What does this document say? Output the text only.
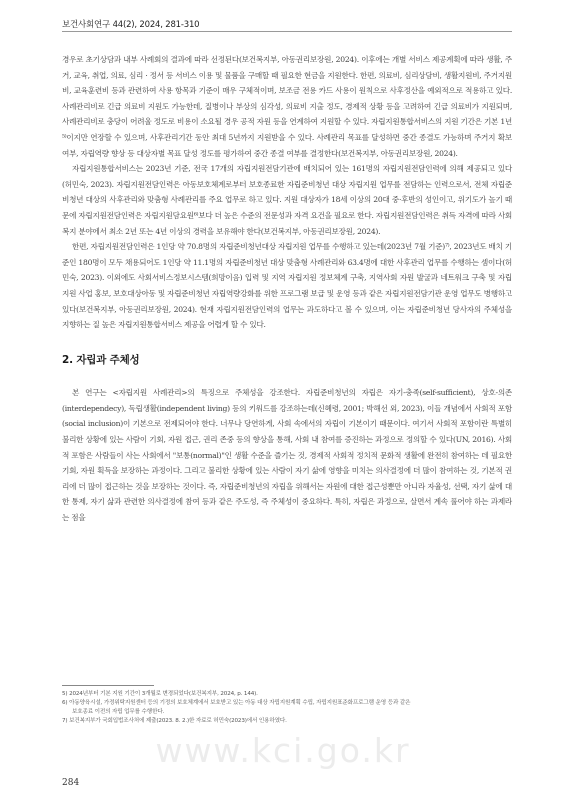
보건사회연구 44(2), 2024, 281-310

경우로 초기상담과 내부 사례회의 결과에 따라 선정된다(보건복지부, 아동권리보장원, 2024). 이후에는 개별 서비스 제공계획에 따라 생활, 주거, 교육, 취업, 의료, 심리 · 정서 등 서비스 이용 및 물품을 구매할 때 필요한 현금을 지원한다. 한편, 의료비, 심리상담비, 생활지원비, 주거지원비, 교육훈련비 등과 관련하여 사용 항목과 기준이 매우 구체적이며, 보조금 전용 카드 사용이 원칙으로 사후정산을 예외적으로 적용하고 있다. 사례관리비로 긴급 의료비 지원도 가능한데, 질병이나 부상의 심각성, 의료비 지출 정도, 경제적 상황 등을 고려하여 긴급 의료비가 지원되며, 사례관리비로 충당이 어려울 정도로 비용이 소요될 경우 공적 자원 등을 연계하여 지원할 수 있다. 자립지원통합서비스의 지원 기간은 기본 1년⁵⁾이지만 연장할 수 있으며, 사후관리기간 동안 최대 5년까지 지원받을 수 있다. 사례관리 목표를 달성하면 중간 종결도 가능하며 주거지 확보 여부, 자립역량 향상 등 대상자별 목표 달성 정도를 평가하여 중간 종결 여부를 결정한다(보건복지부, 아동권리보장원, 2024).

자립지원통합서비스는 2023년 기준, 전국 17개의 자립지원전담기관에 배치되어 있는 161명의 자립지원전담인력에 의해 제공되고 있다(허민숙, 2023). 자립지원전담인력은 아동보호체계로부터 보호종료한 자립준비청년 대상 자립지원 업무를 전담하는 인력으로서, 전체 자립준비청년 대상의 사후관리와 맞춤형 사례관리를 주요 업무로 하고 있다. 지원 대상자가 18세 이상의 20대 중·후반의 성인이고, 위기도가 높기 때문에 자립지원전담인력은 자립지원담요원⁶⁾보다 더 높은 수준의 전문성과 자격 요건을 필요로 한다. 자립지원전담인력은 취득 자격에 따라 사회복지 분야에서 최소 2년 또는 4년 이상의 경력을 보유해야 한다(보건복지부, 아동권리보장원, 2024).

한편, 자립지원전담인력은 1인당 약 70.8명의 자립준비청년대상 자립지원 업무를 수행하고 있는데(2023년 7월 기준)⁷⁾, 2023년도 배치 기준인 180명이 모두 채용되어도 1인당 약 11.1명의 자립준비청년 대상 맞춤형 사례관리와 63.4명에 대한 사후관리 업무를 수행하는 셈이다(허민숙, 2023). 이외에도 사회서비스정보시스템(희망이음) 입력 및 지역 자립지원 정보체계 구축, 지역사회 자원 발굴과 네트워크 구축 및 자립지원 사업 홍보, 보호대상아동 및 자립준비청년 자립역량강화를 위한 프로그램 보급 및 운영 등과 같은 자립지원전담기관 운영 업무도 병행하고 있다(보건복지부, 아동권리보장원, 2024). 현재 자립지원전담인력의 업무는 과도하다고 볼 수 있으며, 이는 자립준비청년 당사자의 주체성을 지향하는 질 높은 자립지원통합서비스 제공을 어렵게 할 수 있다.

2. 자립과 주체성

본 연구는 <자립지원 사례관리>의 특징으로 주체성을 강조한다. 자립준비청년의 자립은 자기-충족(self-sufficient), 상호-의존(interdependecy), 독립생활(independent living) 등의 키워드를 강조하는데(신혜령, 2001; 박해선 외, 2023), 이들 개념에서 사회적 포함(social inclusion)이 기본으로 전제되어야 한다. 너무나 당연하게, 사회 속에서의 자립이 기본이기 때문이다. 여기서 사회적 포함이란 특별히 불리한 상황에 있는 사람이 기회, 자원 접근, 권리 존중 등의 향상을 통해, 사회 내 참여를 증진하는 과정으로 정의할 수 있다(UN, 2016). 사회적 포함은 사람들이 사는 사회에서 "보통(normal)"인 생활 수준을 즐기는 것, 경제적 사회적 정치적 문화적 생활에 완전히 참여하는 데 필요한 기회, 자원 획득을 보장하는 과정이다. 그리고 불리한 상황에 있는 사람이 자기 삶에 영향을 미치는 의사결정에 더 많이 참여하는 것, 기본적 권리에 더 많이 접근하는 것을 보장하는 것이다. 즉, 자립준비청년의 자립을 위해서는 자원에 대한 접근성뿐만 아니라 자율성, 선택, 자기 삶에 대한 통제, 자기 삶과 관련한 의사결정에 참여 등과 같은 주도성, 즉 주체성이 중요하다. 특히, 자립은 과정으로, 살면서 계속 풀어야 하는 과제라는 점을

5) 2024년부터 기본 지원 기간이 3개월로 변경되었다(보건복지부, 2024, p. 144).
6) 아동양육시설, 가정위탁지원센터 등의 기정의 보호체계에서 보호받고 있는 아동 대상 자립지원계획 수립, 자립지원표준화프로그램 운영 등과 같은
보호종료 이전의 자립 업무를 수행한다.
7) 보건복지부가 국회입법조사처에 제출(2023. 8. 2.)한 자료로 허민숙(2023)에서 인용하였다.
www.kci.go.kr
284
